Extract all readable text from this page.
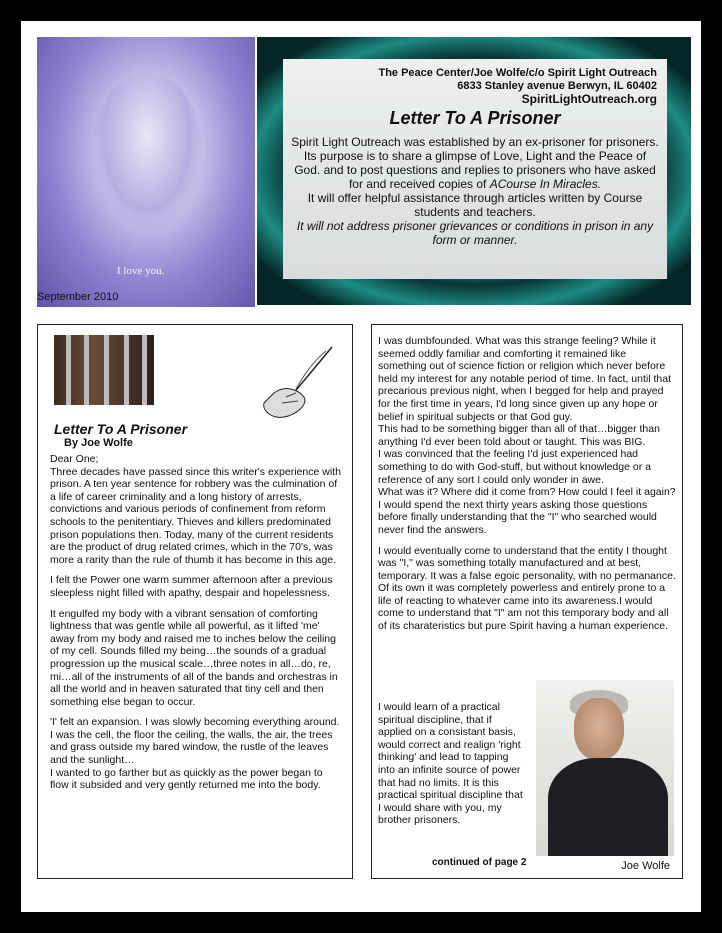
I love you.
September 2010
The Peace Center/Joe Wolfe/c/o Spirit Light Outreach
6833 Stanley avenue Berwyn, IL 60402
SpiritLightOutreach.org
Letter To A Prisoner

Spirit Light Outreach was established by an ex-prisoner for prisoners. Its purpose is to share a glimpse of Love, Light and the Peace of God. and to post questions and replies to prisoners who have asked for and received copies of ACourse In Miracles.

It will offer helpful assistance through articles written by Course students and teachers.

It will not address prisoner grievances or conditions in prison in any form or manner.

Letter To A Prisoner
By Joe Wolfe

Dear One;

Three decades have passed since this writer's experience with prison. A ten year sentence for robbery was the culmination of a life of career criminality and a long history of arrests, convictions and various periods of confinement from reform schools to the penitentiary. Thieves and killers predominated prison populations then. Today, many of the current residents are the product of drug related crimes, which in the 70's, was more a rarity than the rule of thumb it has become in this age.

I felt the Power one warm summer afternoon after a previous sleepless night filled with apathy, despair and hopelessness.

It engulfed my body with a vibrant sensation of comforting lightness that was gentle while all powerful, as it lifted 'me' away from my body and raised me to inches below the ceiling of my cell. Sounds filled my being…the sounds of a gradual progression up the musical scale…three notes in all…do, re, mi…all of the instruments of all of the bands and orchestras in all the world and in heaven saturated that tiny cell and then something else began to occur.

'I' felt an expansion. I was slowly becoming everything around. I was the cell, the floor the ceiling, the walls, the air, the trees and grass outside my bared window, the rustle of the leaves and the sunlight…

I wanted to go farther but as quickly as the power began to flow it subsided and very gently returned me into the body.

I was dumbfounded. What was this strange feeling? While it seemed oddly familiar and comforting it remained like something out of science fiction or religion which never before held my interest for any notable period of time. In fact, until that precarious previous night, when I begged for help and prayed for the first time in years, I'd long since given up any hope or belief in spiritual subjects or that God guy.

This had to be something bigger than all of that…bigger than anything I'd ever been told about or taught. This was BIG.

I was convinced that the feeling I'd just experienced had something to do with God-stuff, but without knowledge or a reference of any sort I could only wonder in awe.

What was it? Where did it come from? How could I feel it again?

I would spend the next thirty years asking those questions before finally understanding that the "I" who searched would never find the answers.

I would eventually come to understand that the entity I thought was "I," was something totally manufactured and at best, temporary. It was a false egoic personality, with no permanance. Of its own it was completely powerless and entirely prone to a life of reacting to whatever came into its awareness.I would come to understand that "I" am not this temporary body and all of its charateristics but pure Spirit having a human experience.

I would learn of a practical spiritual discipline, that if applied on a consistant basis, would correct and realign 'right thinking' and lead to tapping into an infinite source of power that had no limits. It is this practical spiritual discipline that I would share with you, my brother prisoners.
continued of page 2	Joe Wolfe
